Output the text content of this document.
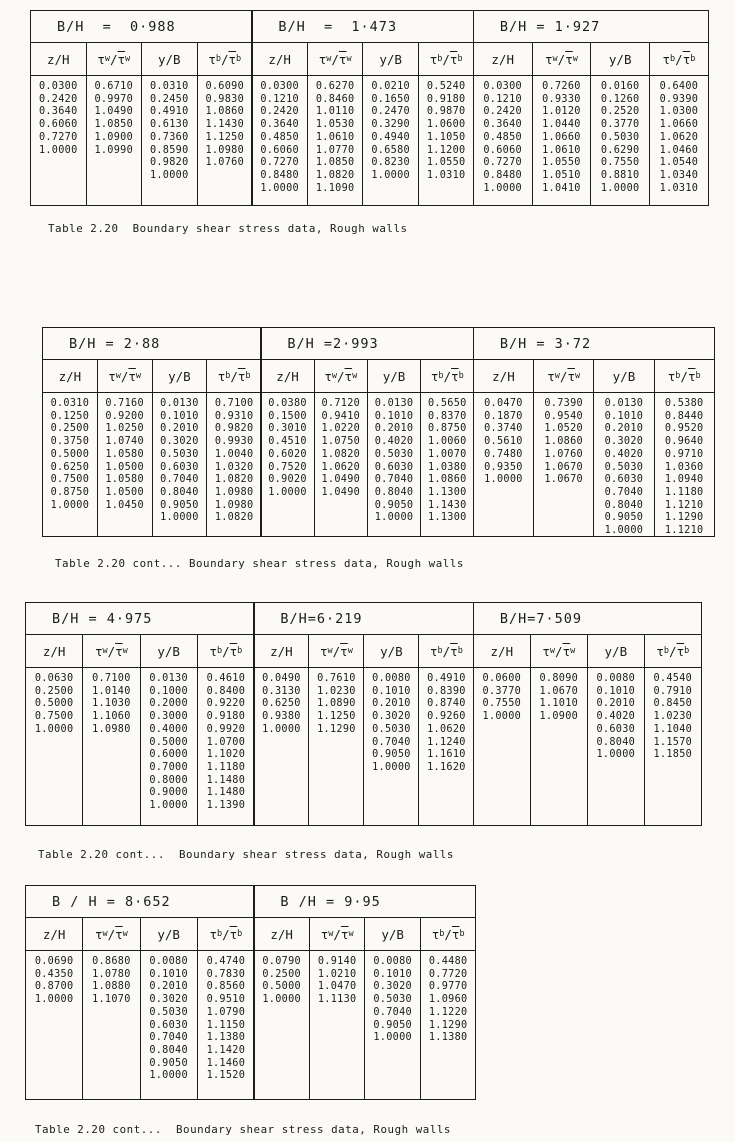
B/H  =  0·988
z/H
0.0300
0.2420
0.3640
0.6060
0.7270
1.0000
τ w / $\overline{\tau}$ w
0.6710
0.9970
1.0490
1.0850
1.0900
1.0990
y/B
0.0310
0.2450
0.4910
0.6130
0.7360
0.8590
0.9820
1.0000
τ b / $\overline{\tau}$ b
0.6090
0.9830
1.0860
1.1430
1.1250
1.0980
1.0760
B/H  =  1·473
z/H
0.0300
0.1210
0.2420
0.3640
0.4850
0.6060
0.7270
0.8480
1.0000
τ w / $\overline{\tau}$ w
0.6270
0.8460
1.0110
1.0530
1.0610
1.0770
1.0850
1.0820
1.1090
y/B
0.0210
0.1650
0.2470
0.3290
0.4940
0.6580
0.8230
1.0000
τ b / $\overline{\tau}$ b
0.5240
0.9180
0.9870
1.0600
1.1050
1.1200
1.0550
1.0310
B/H = 1·927
z/H
0.0300
0.1210
0.2420
0.3640
0.4850
0.6060
0.7270
0.8480
1.0000
τ w / $\overline{\tau}$ w
0.7260
0.9330
1.0120
1.0440
1.0660
1.0610
1.0550
1.0510
1.0410
y/B
0.0160
0.1260
0.2520
0.3770
0.5030
0.6290
0.7550
0.8810
1.0000
τ b / $\overline{\tau}$ b
0.6400
0.9390
1.0300
1.0660
1.0620
1.0460
1.0540
1.0340
1.0310

Table 2.20  Boundary shear stress data, Rough walls

B/H = 2·88
z/H
0.0310
0.1250
0.2500
0.3750
0.5000
0.6250
0.7500
0.8750
1.0000
τ w / $\overline{\tau}$ w
0.7160
0.9200
1.0250
1.0740
1.0580
1.0500
1.0580
1.0500
1.0450
y/B
0.0130
0.1010
0.2010
0.3020
0.5030
0.6030
0.7040
0.8040
0.9050
1.0000
τ b / $\overline{\tau}$ b
0.7100
0.9310
0.9820
0.9930
1.0040
1.0320
1.0820
1.0980
1.0980
1.0820
B/H =2·993
z/H
0.0380
0.1500
0.3010
0.4510
0.6020
0.7520
0.9020
1.0000
τ w / $\overline{\tau}$ w
0.7120
0.9410
1.0220
1.0750
1.0820
1.0620
1.0490
1.0490
y/B
0.0130
0.1010
0.2010
0.4020
0.5030
0.6030
0.7040
0.8040
0.9050
1.0000
τ b / $\overline{\tau}$ b
0.5650
0.8370
0.8750
1.0060
1.0070
1.0380
1.0860
1.1300
1.1430
1.1300
B/H = 3·72
z/H
0.0470
0.1870
0.3740
0.5610
0.7480
0.9350
1.0000
τ w / $\overline{\tau}$ w
0.7390
0.9540
1.0520
1.0860
1.0760
1.0670
1.0670
y/B
0.0130
0.1010
0.2010
0.3020
0.4020
0.5030
0.6030
0.7040
0.8040
0.9050
1.0000
τ b / $\overline{\tau}$ b
0.5380
0.8440
0.9520
0.9640
0.9710
1.0360
1.0940
1.1180
1.1210
1.1290
1.1210

Table 2.20 cont... Boundary shear stress data, Rough walls

B/H = 4·975
z/H
0.0630
0.2500
0.5000
0.7500
1.0000
τ w / $\overline{\tau}$ w
0.7100
1.0140
1.1030
1.1060
1.0980
y/B
0.0130
0.1000
0.2000
0.3000
0.4000
0.5000
0.6000
0.7000
0.8000
0.9000
1.0000
τ b / $\overline{\tau}$ b
0.4610
0.8400
0.9220
0.9180
0.9920
1.0700
1.1020
1.1180
1.1480
1.1480
1.1390
B/H=6·219
z/H
0.0490
0.3130
0.6250
0.9380
1.0000
τ w / $\overline{\tau}$ w
0.7610
1.0230
1.0890
1.1250
1.1290
y/B
0.0080
0.1010
0.2010
0.3020
0.5030
0.7040
0.9050
1.0000
τ b / $\overline{\tau}$ b
0.4910
0.8390
0.8740
0.9260
1.0620
1.1240
1.1610
1.1620
B/H=7·509
z/H
0.0600
0.3770
0.7550
1.0000
τ w / $\overline{\tau}$ w
0.8090
1.0670
1.1010
1.0900
y/B
0.0080
0.1010
0.2010
0.4020
0.6030
0.8040
1.0000
τ b / $\overline{\tau}$ b
0.4540
0.7910
0.8450
1.0230
1.1040
1.1570
1.1850

Table 2.20 cont...  Boundary shear stress data, Rough walls

B / H = 8·652
z/H
0.0690
0.4350
0.8700
1.0000
τ w / $\overline{\tau}$ w
0.8680
1.0780
1.0880
1.1070
y/B
0.0080
0.1010
0.2010
0.3020
0.5030
0.6030
0.7040
0.8040
0.9050
1.0000
τ b / $\overline{\tau}$ b
0.4740
0.7830
0.8560
0.9510
1.0790
1.1150
1.1380
1.1420
1.1460
1.1520
B /H = 9·95
z/H
0.0790
0.2500
0.5000
1.0000
τ w / $\overline{\tau}$ w
0.9140
1.0210
1.0470
1.1130
y/B
0.0080
0.1010
0.3020
0.5030
0.7040
0.9050
1.0000
τ b / $\overline{\tau}$ b
0.4480
0.7720
0.9770
1.0960
1.1220
1.1290
1.1380

Table 2.20 cont...  Boundary shear stress data, Rough walls
